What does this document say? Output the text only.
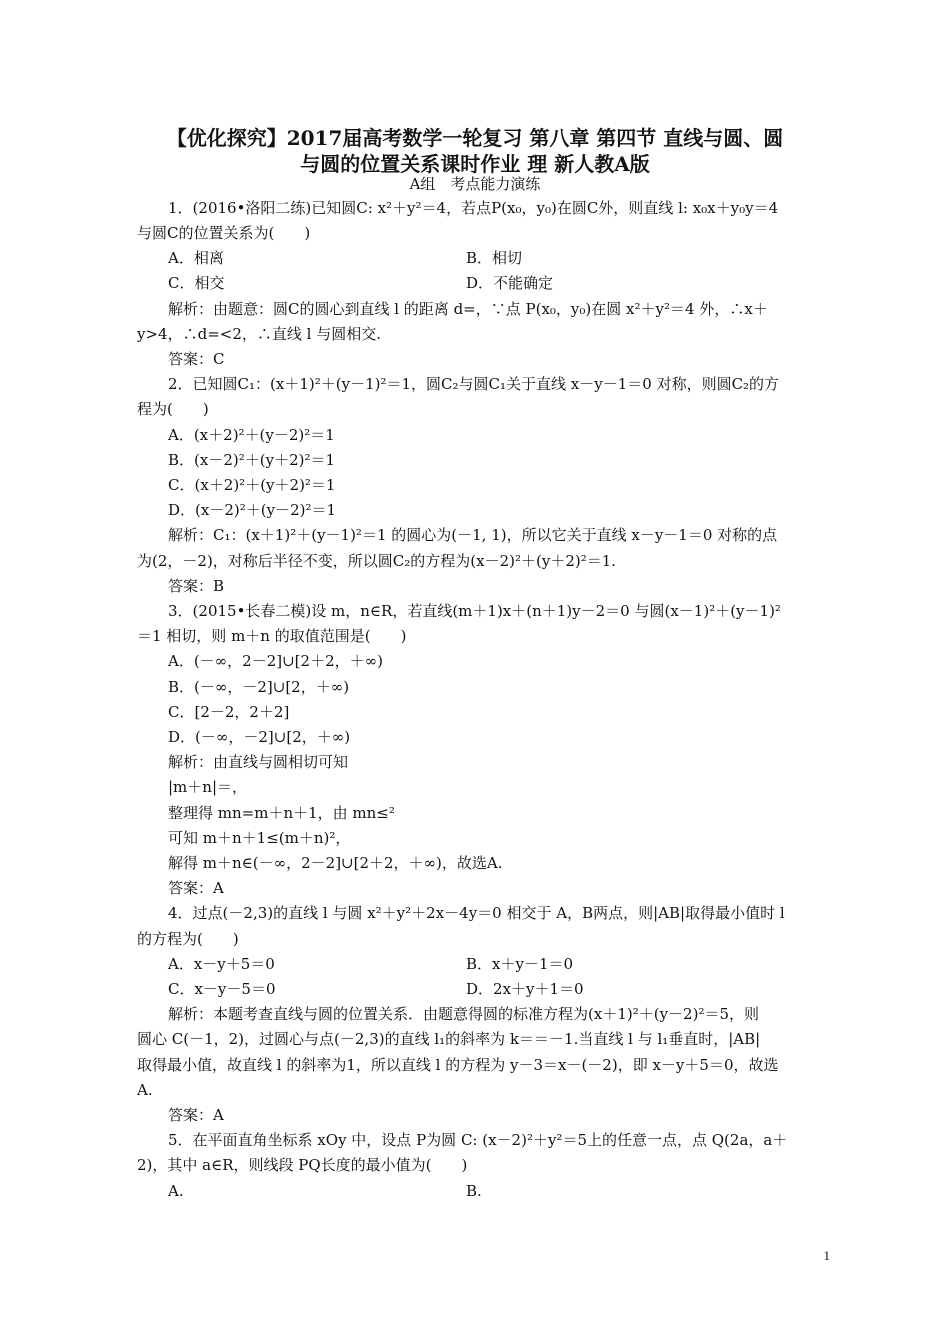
【优化探究】2017届高考数学一轮复习 第八章 第四节 直线与圆、圆
与圆的位置关系课时作业 理 新人教A版
A组　考点能力演练
1．(2016•洛阳二练)已知圆C: x²＋y²＝4，若点P(x₀，y₀)在圆C外，则直线 l: x₀x＋y₀y＝4
与圆C的位置关系为(　　)
A．相离	B．相切
C．相交	D．不能确定
解析：由题意：圆C的圆心到直线 l 的距离 d=，∵点 P(x₀，y₀)在圆 x²＋y²＝4 外，∴x＋
y>4，∴d=<2，∴直线 l 与圆相交.
答案：C
2．已知圆C₁：(x＋1)²＋(y－1)²＝1，圆C₂与圆C₁关于直线 x－y－1＝0 对称，则圆C₂的方
程为(　　)
A．(x＋2)²＋(y－2)²＝1
B．(x－2)²＋(y＋2)²＝1
C．(x＋2)²＋(y＋2)²＝1
D．(x－2)²＋(y－2)²＝1
解析：C₁：(x＋1)²＋(y－1)²＝1 的圆心为(－1, 1)，所以它关于直线 x－y－1＝0 对称的点
为(2，－2)，对称后半径不变，所以圆C₂的方程为(x－2)²＋(y＋2)²＝1.
答案：B
3．(2015•长春二模)设 m，n∈R，若直线(m＋1)x＋(n＋1)y－2＝0 与圆(x－1)²＋(y－1)²
＝1 相切，则 m＋n 的取值范围是(　　)
A．(－∞，2－2]∪[2＋2，＋∞)
B．(－∞，－2]∪[2，＋∞)
C．[2－2，2＋2]
D．(－∞，－2]∪[2，＋∞)
解析：由直线与圆相切可知
|m＋n|＝，
整理得 mn=m＋n＋1，由 mn≤²
可知 m＋n＋1≤(m＋n)²，
解得 m＋n∈(－∞，2－2]∪[2＋2，＋∞)，故选A.
答案：A
4．过点(－2,3)的直线 l 与圆 x²＋y²＋2x－4y＝0 相交于 A，B两点，则|AB|取得最小值时 l
的方程为(　　)
A．x－y＋5＝0	B．x＋y－1＝0
C．x－y－5＝0	D．2x＋y＋1＝0
解析：本题考查直线与圆的位置关系．由题意得圆的标准方程为(x＋1)²＋(y－2)²＝5，则
圆心 C(－1，2)，过圆心与点(－2,3)的直线 l₁的斜率为 k＝＝－1.当直线 l 与 l₁垂直时，|AB|
取得最小值，故直线 l 的斜率为1，所以直线 l 的方程为 y－3＝x－(－2)，即 x－y＋5＝0，故选
A.
答案：A
5．在平面直角坐标系 xOy 中，设点 P为圆 C: (x－2)²＋y²＝5上的任意一点，点 Q(2a，a＋
2)，其中 a∈R，则线段 PQ长度的最小值为(　　)
A.	B.
1
